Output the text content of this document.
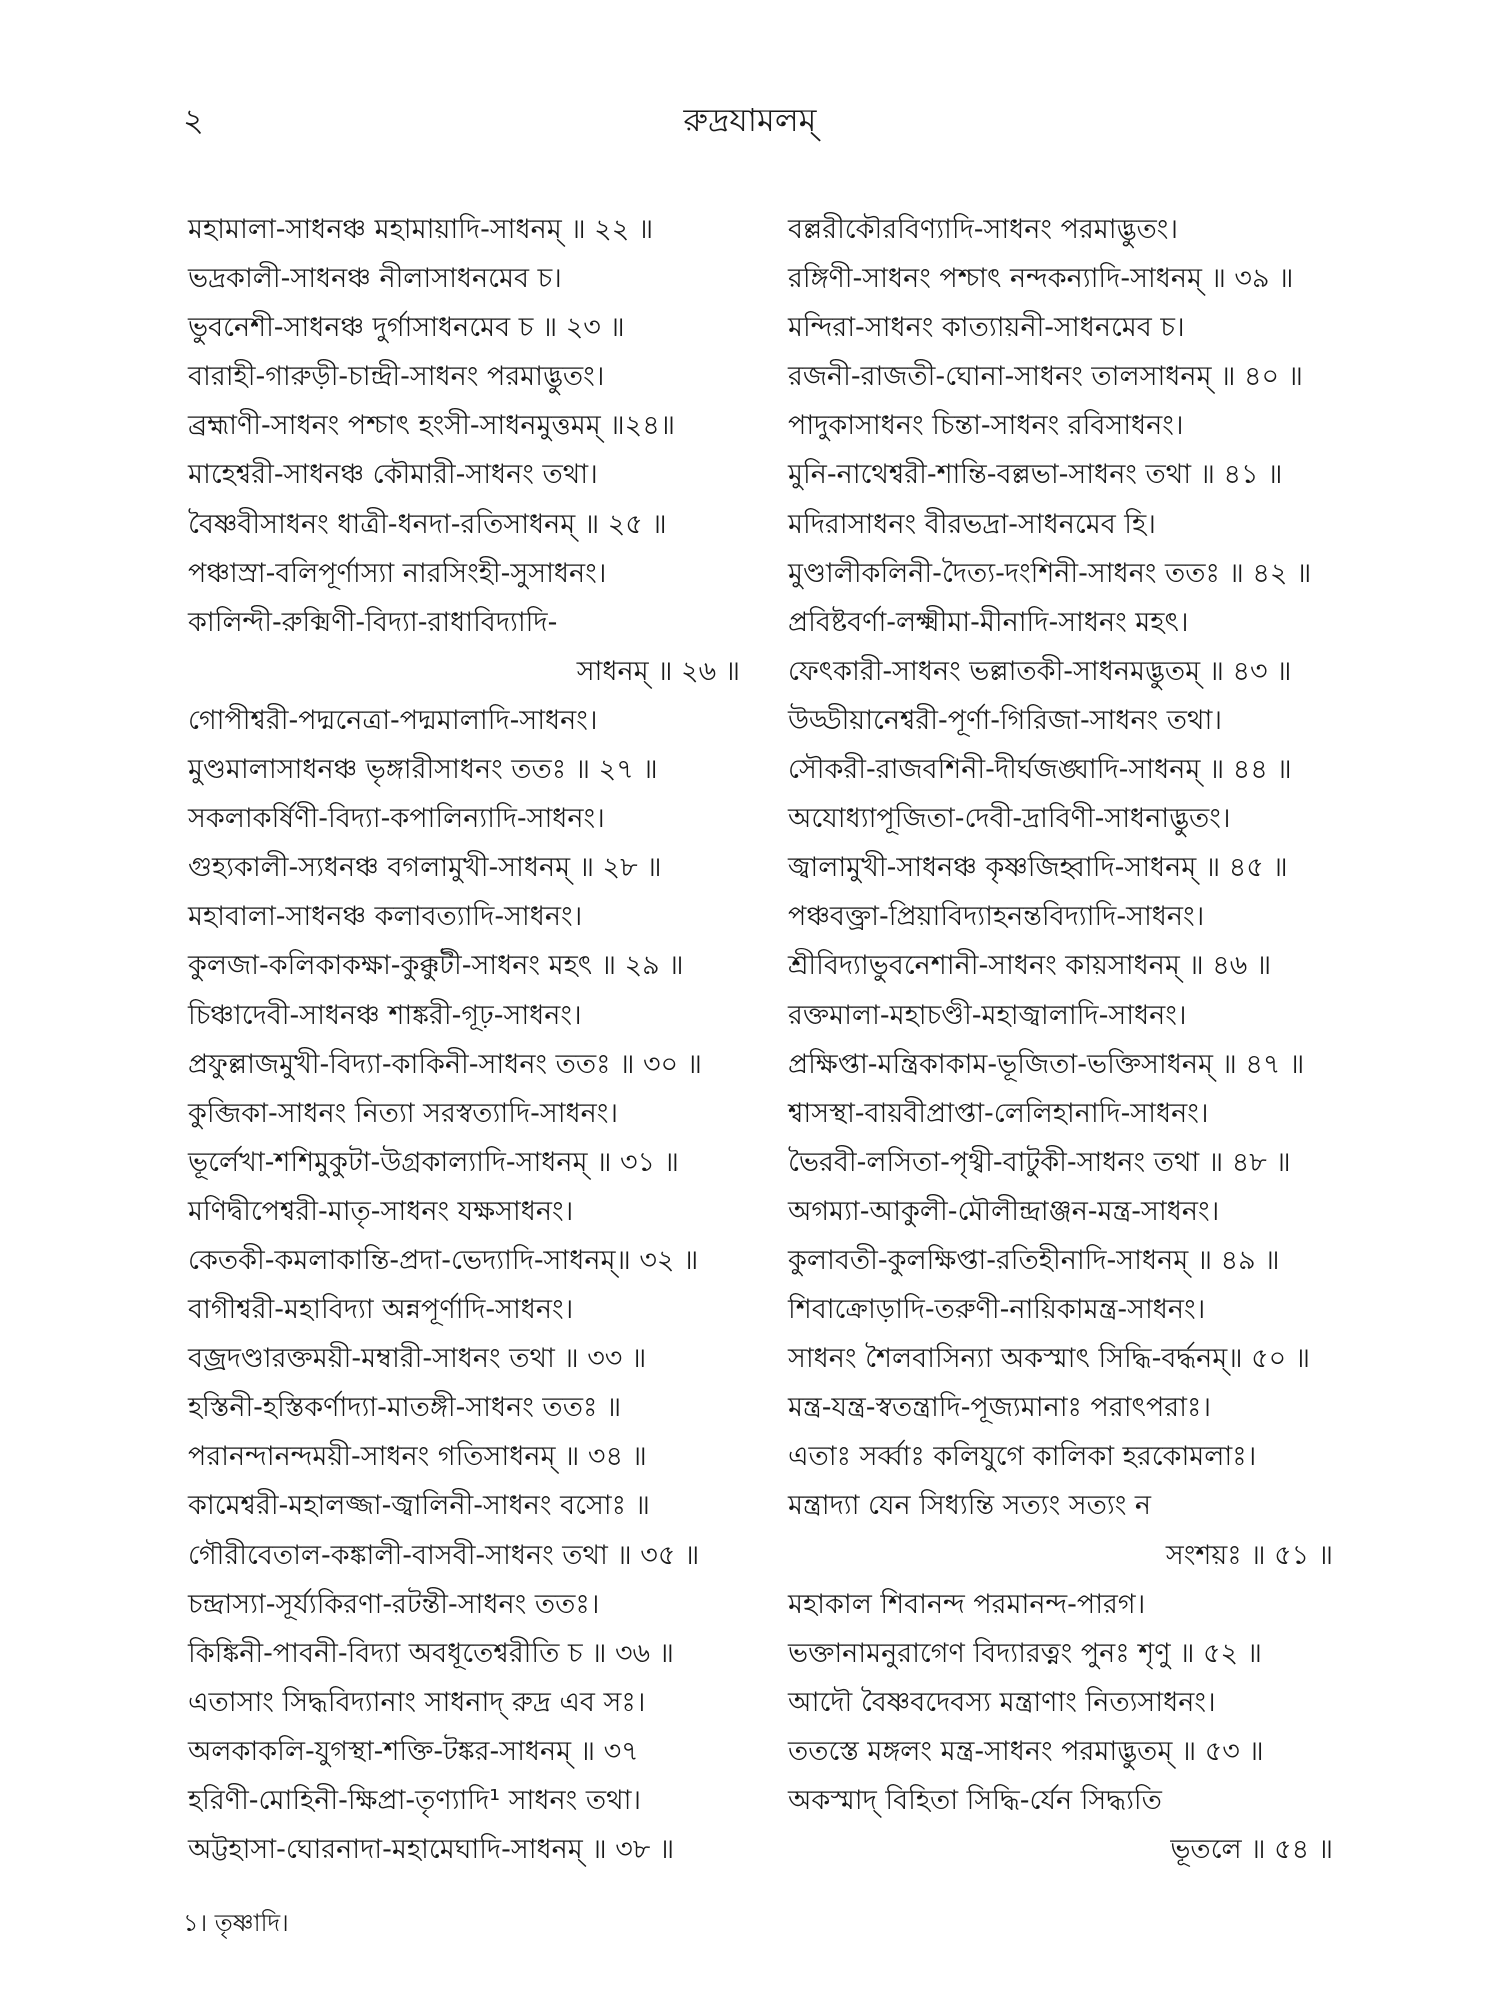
২	রুদ্রযামলম্
মহামালা-সাধনঞ্চ মহামায়াদি-সাধনম্ ॥ ২২ ॥
ভদ্রকালী-সাধনঞ্চ নীলাসাধনমেব চ।
ভুবনেশী-সাধনঞ্চ দুর্গাসাধনমেব চ ॥ ২৩ ॥
বারাহী-গারুড়ী-চান্দ্রী-সাধনং পরমাদ্ভুতং।
ব্রহ্মাণী-সাধনং পশ্চাৎ হংসী-সাধনমুত্তমম্ ॥২৪॥
মাহেশ্বরী-সাধনঞ্চ কৌমারী-সাধনং তথা।
বৈষ্ণবীসাধনং ধাত্রী-ধনদা-রতিসাধনম্ ॥ ২৫ ॥
পঞ্চাস্রা-বলিপূর্ণাস্যা নারসিংহী-সুসাধনং।
কালিন্দী-রুক্মিণী-বিদ্যা-রাধাবিদ্যাদি-
সাধনম্ ॥ ২৬ ॥
গোপীশ্বরী-পদ্মনেত্রা-পদ্মমালাদি-সাধনং।
মুণ্ডমালাসাধনঞ্চ ভৃঙ্গারীসাধনং ততঃ ॥ ২৭ ॥
সকলাকর্ষিণী-বিদ্যা-কপালিন্যাদি-সাধনং।
গুহ্যকালী-স্যধনঞ্চ বগলামুখী-সাধনম্ ॥ ২৮ ॥
মহাবালা-সাধনঞ্চ কলাবত্যাদি-সাধনং।
কুলজা-কলিকাকক্ষা-কুক্কুটী-সাধনং মহৎ ॥ ২৯ ॥
চিঞ্চাদেবী-সাধনঞ্চ শাঙ্করী-গূঢ়-সাধনং।
প্রফুল্লাজমুখী-বিদ্যা-কাকিনী-সাধনং ততঃ ॥ ৩০ ॥
কুব্জিকা-সাধনং নিত্যা সরস্বত্যাদি-সাধনং।
ভূর্লেখা-শশিমুকুটা-উগ্রকাল্যাদি-সাধনম্ ॥ ৩১ ॥
মণিদ্বীপেশ্বরী-মাতৃ-সাধনং যক্ষসাধনং।
কেতকী-কমলাকান্তি-প্রদা-ভেদ্যাদি-সাধনম্॥ ৩২ ॥
বাগীশ্বরী-মহাবিদ্যা অন্নপূর্ণাদি-সাধনং।
বজ্রদণ্ডারক্তময়ী-মম্বারী-সাধনং তথা ॥ ৩৩ ॥
হস্তিনী-হস্তিকর্ণাদ্যা-মাতঙ্গী-সাধনং ততঃ ॥
পরানন্দানন্দময়ী-সাধনং গতিসাধনম্ ॥ ৩৪ ॥
কামেশ্বরী-মহালজ্জা-জ্বালিনী-সাধনং বসোঃ ॥
গৌরীবেতাল-কঙ্কালী-বাসবী-সাধনং তথা ॥ ৩৫ ॥
চন্দ্রাস্যা-সূর্য্যকিরণা-রটন্তী-সাধনং ততঃ।
কিঙ্কিনী-পাবনী-বিদ্যা অবধূতেশ্বরীতি চ ॥ ৩৬ ॥
এতাসাং সিদ্ধবিদ্যানাং সাধনাদ্ রুদ্র এব সঃ।
অলকাকলি-যুগস্থা-শক্তি-টঙ্কর-সাধনম্ ॥ ৩৭
হরিণী-মোহিনী-ক্ষিপ্রা-তৃণ্যাদি¹ সাধনং তথা।
অট্টহাসা-ঘোরনাদা-মহামেঘাদি-সাধনম্ ॥ ৩৮ ॥
বল্লরীকৌরবিণ্যাদি-সাধনং পরমাদ্ভুতং।
রঙ্গিণী-সাধনং পশ্চাৎ নন্দকন্যাদি-সাধনম্ ॥ ৩৯ ॥
মন্দিরা-সাধনং কাত্যায়নী-সাধনমেব চ।
রজনী-রাজতী-ঘোনা-সাধনং তালসাধনম্ ॥ ৪০ ॥
পাদুকাসাধনং চিন্তা-সাধনং রবিসাধনং।
মুনি-নাথেশ্বরী-শান্তি-বল্লভা-সাধনং তথা ॥ ৪১ ॥
মদিরাসাধনং বীরভদ্রা-সাধনমেব হি।
মুণ্ডালীকলিনী-দৈত্য-দংশিনী-সাধনং ততঃ ॥ ৪২ ॥
প্রবিষ্টবর্ণা-লক্ষ্মীমা-মীনাদি-সাধনং মহৎ।
ফেৎকারী-সাধনং ভল্লাতকী-সাধনমদ্ভুতম্ ॥ ৪৩ ॥
উড্ডীয়ানেশ্বরী-পূর্ণা-গিরিজা-সাধনং তথা।
সৌকরী-রাজবশিনী-দীর্ঘজঙ্ঘাদি-সাধনম্ ॥ ৪৪ ॥
অযোধ্যাপূজিতা-দেবী-দ্রাবিণী-সাধনাদ্ভুতং।
জ্বালামুখী-সাধনঞ্চ কৃষ্ণজিহ্বাদি-সাধনম্ ॥ ৪৫ ॥
পঞ্চবক্ত্রা-প্রিয়াবিদ্যাহনন্তবিদ্যাদি-সাধনং।
শ্রীবিদ্যাভুবনেশানী-সাধনং কায়সাধনম্ ॥ ৪৬ ॥
রক্তমালা-মহাচণ্ডী-মহাজ্বালাদি-সাধনং।
প্রক্ষিপ্তা-মন্ত্রিকাকাম-ভূজিতা-ভক্তিসাধনম্ ॥ ৪৭ ॥
শ্বাসস্থা-বায়বীপ্রাপ্তা-লেলিহানাদি-সাধনং।
ভৈরবী-লসিতা-পৃথ্বী-বাটুকী-সাধনং তথা ॥ ৪৮ ॥
অগম্যা-আকুলী-মৌলীন্দ্রাঞ্জন-মন্ত্র-সাধনং।
কুলাবতী-কুলক্ষিপ্তা-রতিহীনাদি-সাধনম্ ॥ ৪৯ ॥
শিবাক্রোড়াদি-তরুণী-নায়িকামন্ত্র-সাধনং।
সাধনং শৈলবাসিন্যা অকস্মাৎ সিদ্ধি-বর্দ্ধনম্॥ ৫০ ॥
মন্ত্র-যন্ত্র-স্বতন্ত্রাদি-পূজ্যমানাঃ পরাৎপরাঃ।
এতাঃ সর্ব্বাঃ কলিযুগে কালিকা হরকোমলাঃ।
মন্ত্রাদ্যা যেন সিধ্যন্তি সত্যং সত্যং ন
সংশয়ঃ ॥ ৫১ ॥
মহাকাল শিবানন্দ পরমানন্দ-পারগ।
ভক্তানামনুরাগেণ বিদ্যারত্নং পুনঃ শৃণু ॥ ৫২ ॥
আদৌ বৈষ্ণবদেবস্য মন্ত্রাণাং নিত্যসাধনং।
ততস্তে মঙ্গলং মন্ত্র-সাধনং পরমাদ্ভুতম্ ॥ ৫৩ ॥
অকস্মাদ্ বিহিতা সিদ্ধি-র্যেন সিদ্ধ্যতি
ভূতলে ॥ ৫৪ ॥
১। তৃষ্ণাদি।
